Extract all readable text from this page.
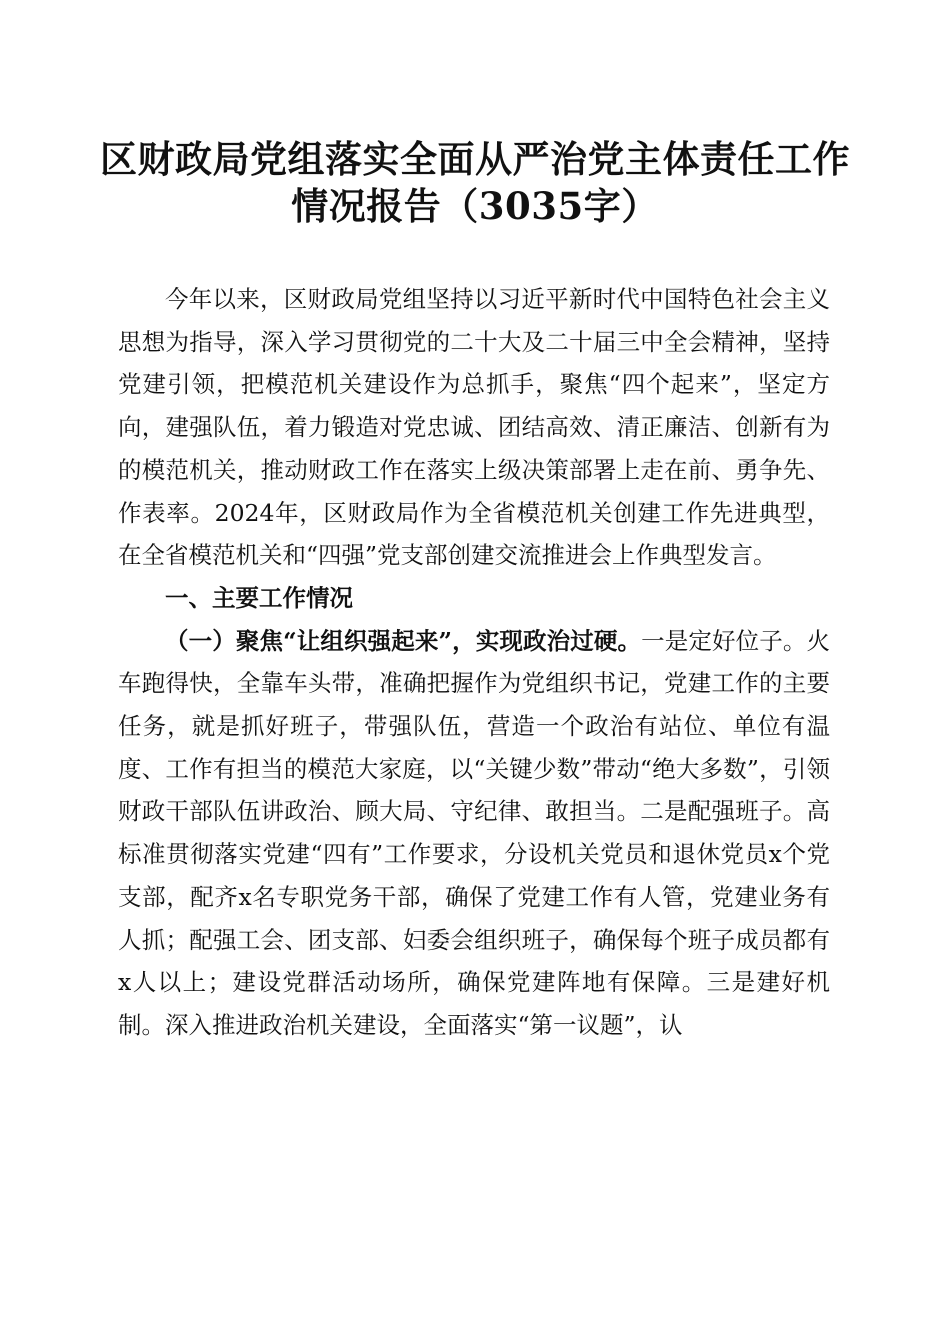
区财政局党组落实全面从严治党主体责任工作
情况报告（3035字）

今年以来，区财政局党组坚持以习近平新时代中国特色社会主义思想为指导，深入学习贯彻党的二十大及二十届三中全会精神，坚持党建引领，把模范机关建设作为总抓手，聚焦“四个起来”，坚定方向，建强队伍，着力锻造对党忠诚、团结高效、清正廉洁、创新有为的模范机关，推动财政工作在落实上级决策部署上走在前、勇争先、作表率。2024年，区财政局作为全省模范机关创建工作先进典型，在全省模范机关和“四强”党支部创建交流推进会上作典型发言。

一、主要工作情况

（一）聚焦“让组织强起来”，实现政治过硬。一是定好位子。火车跑得快，全靠车头带，准确把握作为党组织书记，党建工作的主要任务，就是抓好班子，带强队伍，营造一个政治有站位、单位有温度、工作有担当的模范大家庭，以“关键少数”带动“绝大多数”，引领财政干部队伍讲政治、顾大局、守纪律、敢担当。二是配强班子。高标准贯彻落实党建“四有”工作要求，分设机关党员和退休党员x个党支部，配齐x名专职党务干部，确保了党建工作有人管，党建业务有人抓；配强工会、团支部、妇委会组织班子，确保每个班子成员都有x人以上；建设党群活动场所，确保党建阵地有保障。三是建好机制。深入推进政治机关建设，全面落实“第一议题”，认
